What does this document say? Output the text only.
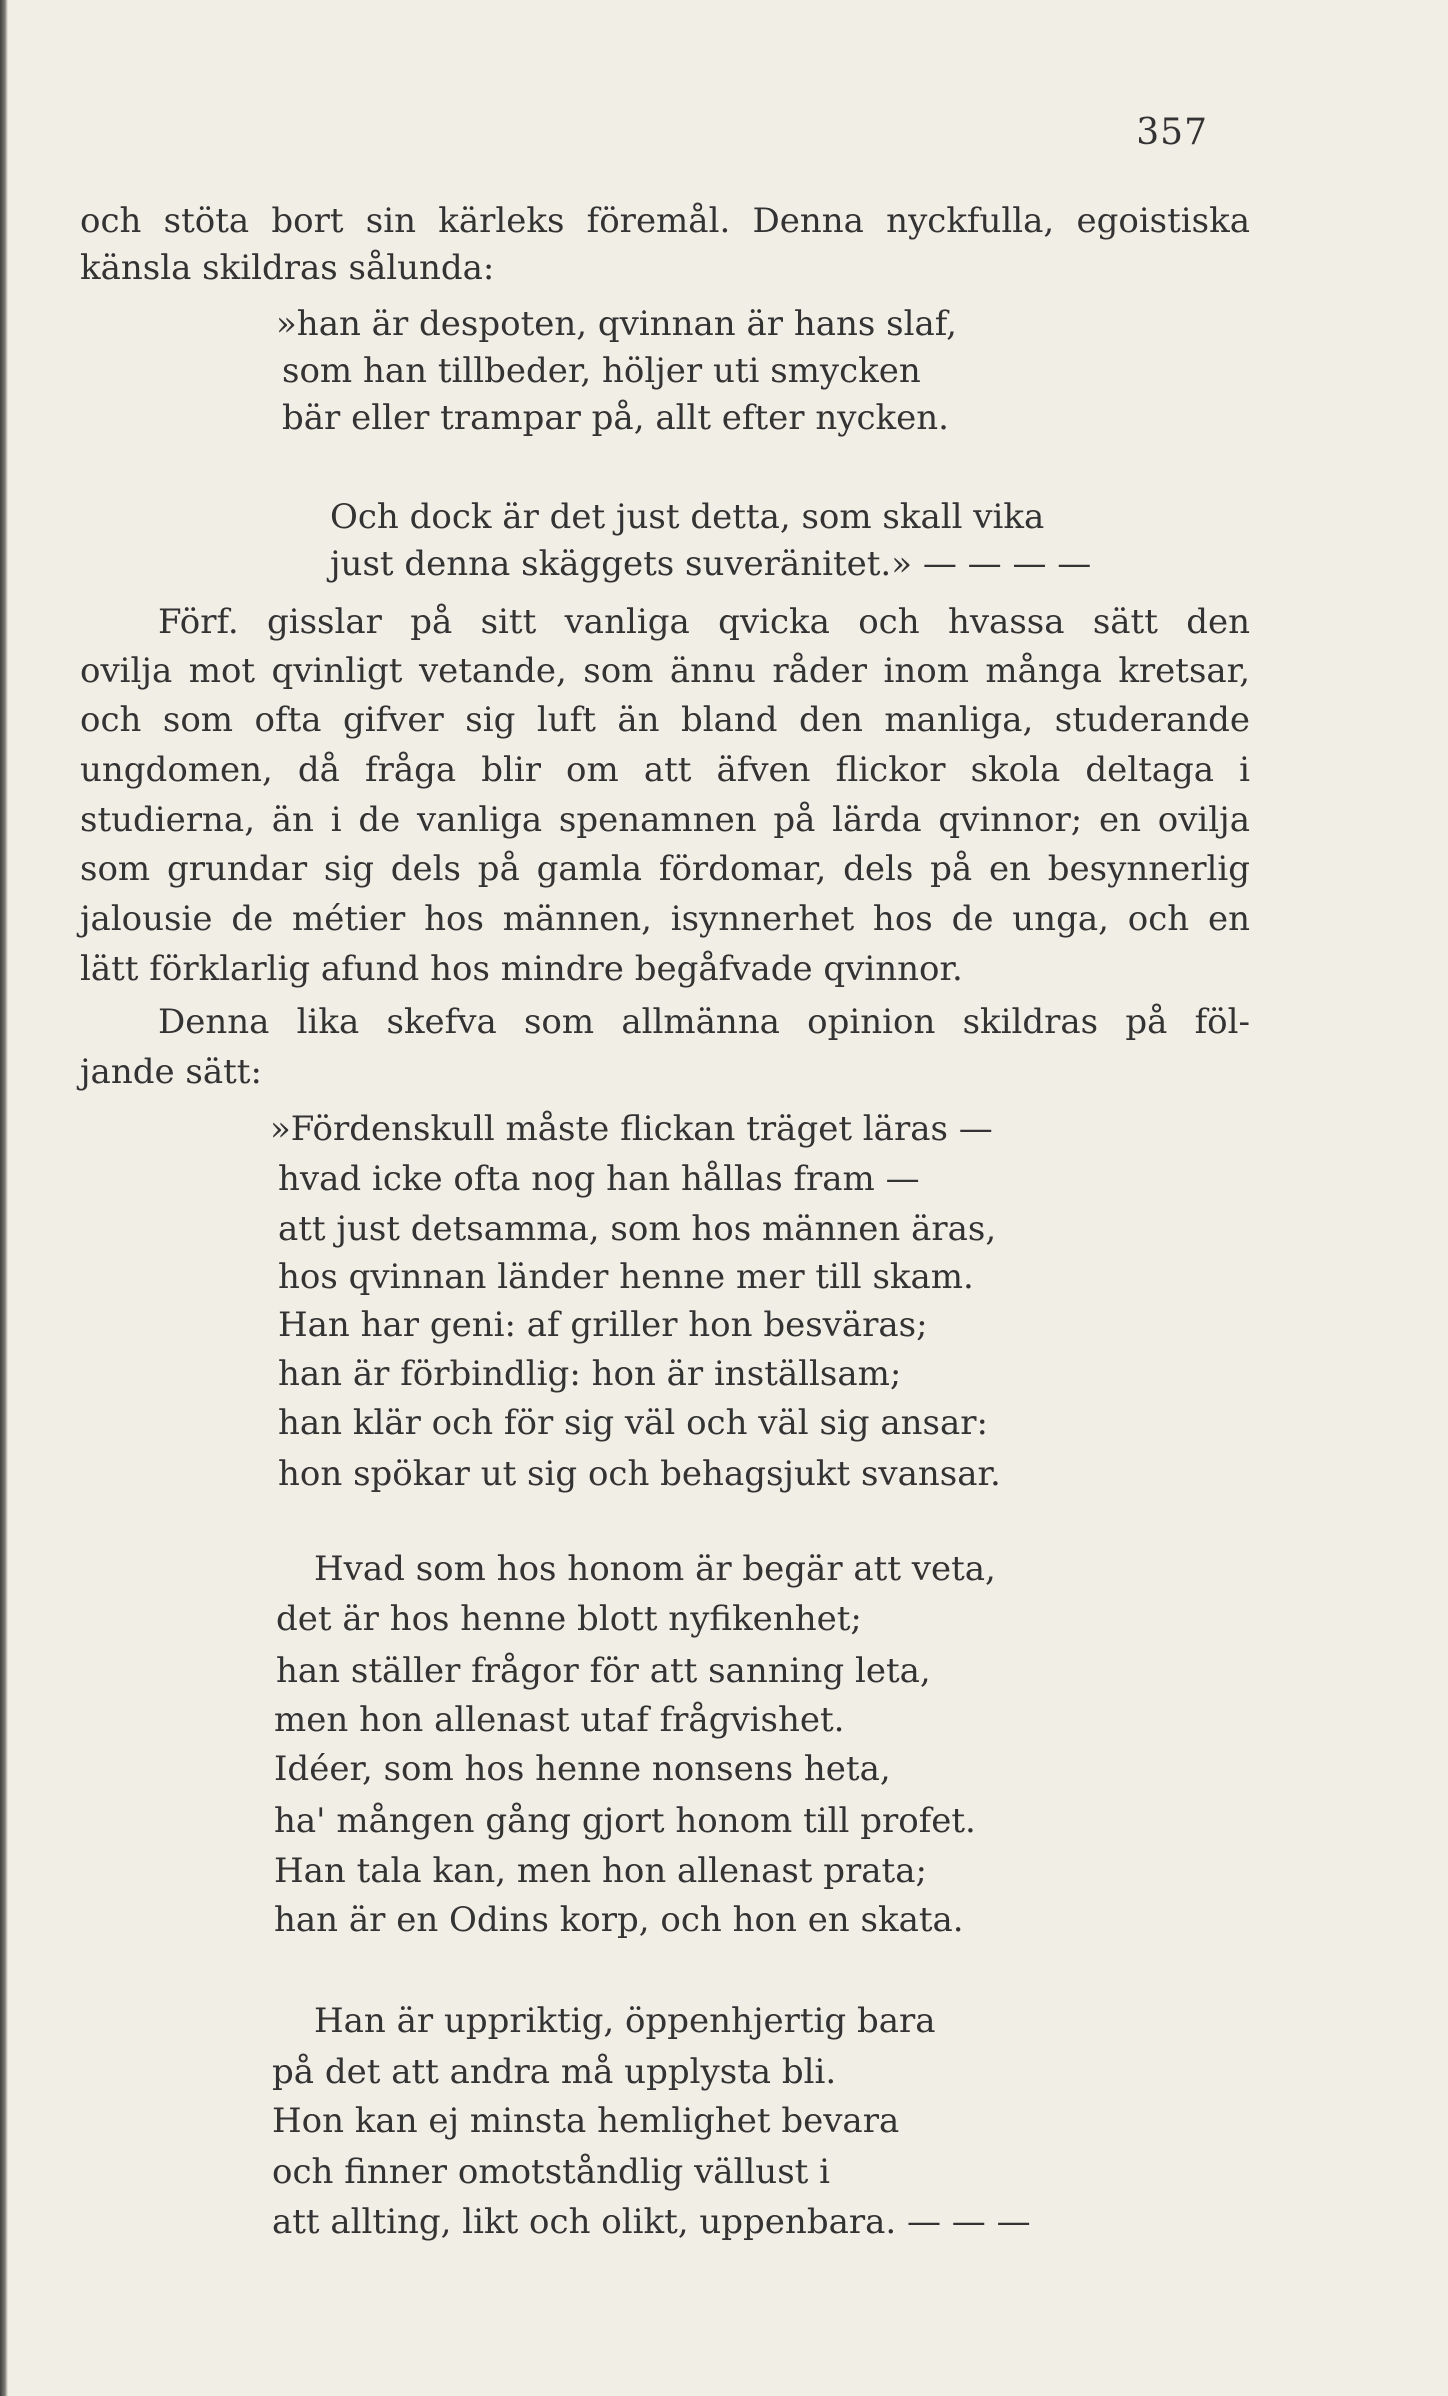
357
och stöta bort sin kärleks föremål. Denna nyckfulla, egoistiska
känsla skildras sålunda:
»han är despoten, qvinnan är hans slaf,
som han tillbeder, höljer uti smycken
bär eller trampar på, allt efter nycken.
Och dock är det just detta, som skall vika
just denna skäggets suveränitet.» — — — —
Förf. gisslar på sitt vanliga qvicka och hvassa sätt den
ovilja mot qvinligt vetande, som ännu råder inom många kretsar,
och som ofta gifver sig luft än bland den manliga, studerande
ungdomen, då fråga blir om att äfven flickor skola deltaga i
studierna, än i de vanliga spenamnen på lärda qvinnor; en ovilja
som grundar sig dels på gamla fördomar, dels på en besynnerlig
jalousie de métier hos männen, isynnerhet hos de unga, och en
lätt förklarlig afund hos mindre begåfvade qvinnor.
Denna lika skefva som allmänna opinion skildras på föl-
jande sätt:
»Fördenskull måste flickan träget läras —
hvad icke ofta nog han hållas fram —
att just detsamma, som hos männen äras,
hos qvinnan länder henne mer till skam.
Han har geni: af griller hon besväras;
han är förbindlig: hon är inställsam;
han klär och för sig väl och väl sig ansar:
hon spökar ut sig och behagsjukt svansar.
Hvad som hos honom är begär att veta,
det är hos henne blott nyfikenhet;
han ställer frågor för att sanning leta,
men hon allenast utaf frågvishet.
Idéer, som hos henne nonsens heta,
ha' mången gång gjort honom till profet.
Han tala kan, men hon allenast prata;
han är en Odins korp, och hon en skata.
Han är uppriktig, öppenhjertig bara
på det att andra må upplysta bli.
Hon kan ej minsta hemlighet bevara
och finner omotståndlig vällust i
att allting, likt och olikt, uppenbara. — — —
